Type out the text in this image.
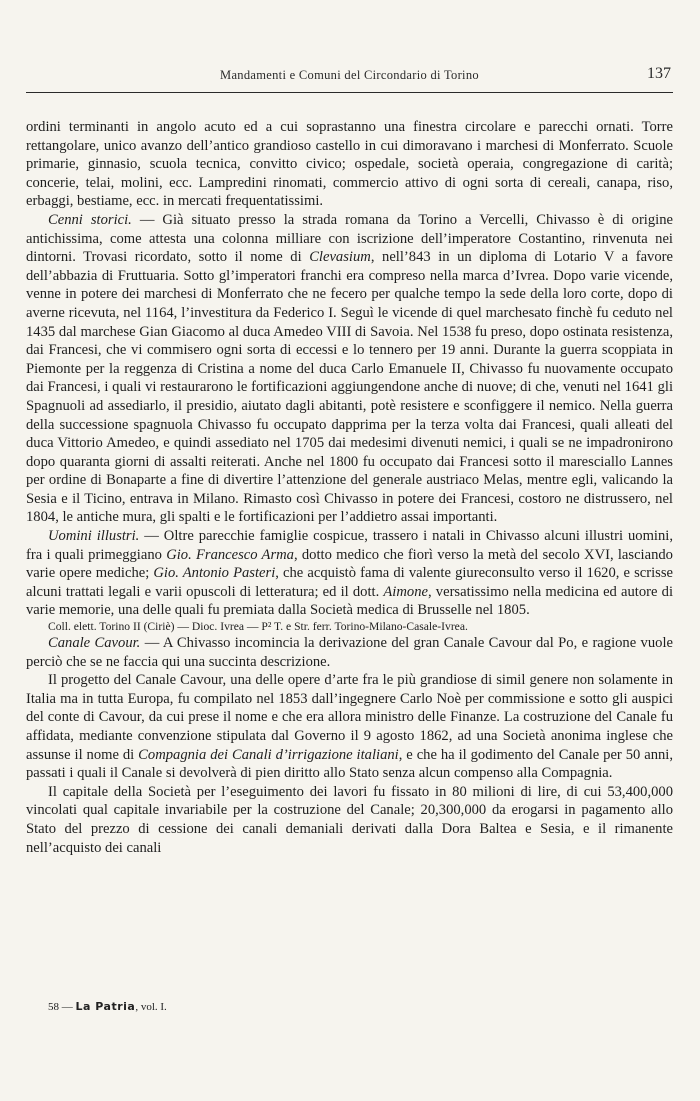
Mandamenti e Comuni del Circondario di Torino	137

ordini terminanti in angolo acuto ed a cui soprastanno una finestra circolare e parecchi ornati. Torre rettangolare, unico avanzo dell’antico grandioso castello in cui dimoravano i marchesi di Monferrato. Scuole primarie, ginnasio, scuola tecnica, convitto civico; ospedale, società operaia, congregazione di carità; concerie, telai, molini, ecc. Lampredini rinomati, commercio attivo di ogni sorta di cereali, canapa, riso, erbaggi, bestiame, ecc. in mercati frequentatissimi.

Cenni storici. — Già situato presso la strada romana da Torino a Vercelli, Chivasso è di origine antichissima, come attesta una colonna milliare con iscrizione dell’imperatore Costantino, rinvenuta nei dintorni. Trovasi ricordato, sotto il nome di Clevasium, nell’843 in un diploma di Lotario V a favore dell’abbazia di Fruttuaria. Sotto gl’imperatori franchi era compreso nella marca d’Ivrea. Dopo varie vicende, venne in potere dei marchesi di Monferrato che ne fecero per qualche tempo la sede della loro corte, dopo di averne ricevuta, nel 1164, l’investitura da Federico I. Seguì le vicende di quel marchesato finchè fu ceduto nel 1435 dal marchese Gian Giacomo al duca Amedeo VIII di Savoia. Nel 1538 fu preso, dopo ostinata resistenza, dai Francesi, che vi commisero ogni sorta di eccessi e lo tennero per 19 anni. Durante la guerra scoppiata in Piemonte per la reggenza di Cristina a nome del duca Carlo Emanuele II, Chivasso fu nuovamente occupato dai Francesi, i quali vi restaurarono le fortificazioni aggiungendone anche di nuove; di che, venuti nel 1641 gli Spagnuoli ad assediarlo, il presidio, aiutato dagli abitanti, potè resistere e sconfiggere il nemico. Nella guerra della successione spagnuola Chivasso fu occupato dapprima per la terza volta dai Francesi, quali alleati del duca Vittorio Amedeo, e quindi assediato nel 1705 dai medesimi divenuti nemici, i quali se ne impadronirono dopo quaranta giorni di assalti reiterati. Anche nel 1800 fu occupato dai Francesi sotto il maresciallo Lannes per ordine di Bonaparte a fine di divertire l’attenzione del generale austriaco Melas, mentre egli, valicando la Sesia e il Ticino, entrava in Milano. Rimasto così Chivasso in potere dei Francesi, costoro ne distrussero, nel 1804, le antiche mura, gli spalti e le fortificazioni per l’addietro assai importanti.

Uomini illustri. — Oltre parecchie famiglie cospicue, trassero i natali in Chivasso alcuni illustri uomini, fra i quali primeggiano Gio. Francesco Arma, dotto medico che fiorì verso la metà del secolo XVI, lasciando varie opere mediche; Gio. Antonio Pasteri, che acquistò fama di valente giureconsulto verso il 1620, e scrisse alcuni trattati legali e varii opuscoli di letteratura; ed il dott. Aimone, versatissimo nella medicina ed autore di varie memorie, una delle quali fu premiata dalla Società medica di Brusselle nel 1805.

Coll. elett. Torino II (Ciriè) — Dioc. Ivrea — P² T. e Str. ferr. Torino-Milano-Casale-Ivrea.

Canale Cavour. — A Chivasso incomincia la derivazione del gran Canale Cavour dal Po, e ragione vuole perciò che se ne faccia qui una succinta descrizione.

Il progetto del Canale Cavour, una delle opere d’arte fra le più grandiose di simil genere non solamente in Italia ma in tutta Europa, fu compilato nel 1853 dall’ingegnere Carlo Noè per commissione e sotto gli auspici del conte di Cavour, da cui prese il nome e che era allora ministro delle Finanze. La costruzione del Canale fu affidata, mediante convenzione stipulata dal Governo il 9 agosto 1862, ad una Società anonima inglese che assunse il nome di Compagnia dei Canali d’irrigazione italiani, e che ha il godimento del Canale per 50 anni, passati i quali il Canale si devolverà di pien diritto allo Stato senza alcun compenso alla Compagnia.

Il capitale della Società per l’eseguimento dei lavori fu fissato in 80 milioni di lire, di cui 53,400,000 vincolati qual capitale invariabile per la costruzione del Canale; 20,300,000 da erogarsi in pagamento allo Stato del prezzo di cessione dei canali demaniali derivati dalla Dora Baltea e Sesia, e il rimanente nell’acquisto dei canali

58 — La Patria, vol. I.
